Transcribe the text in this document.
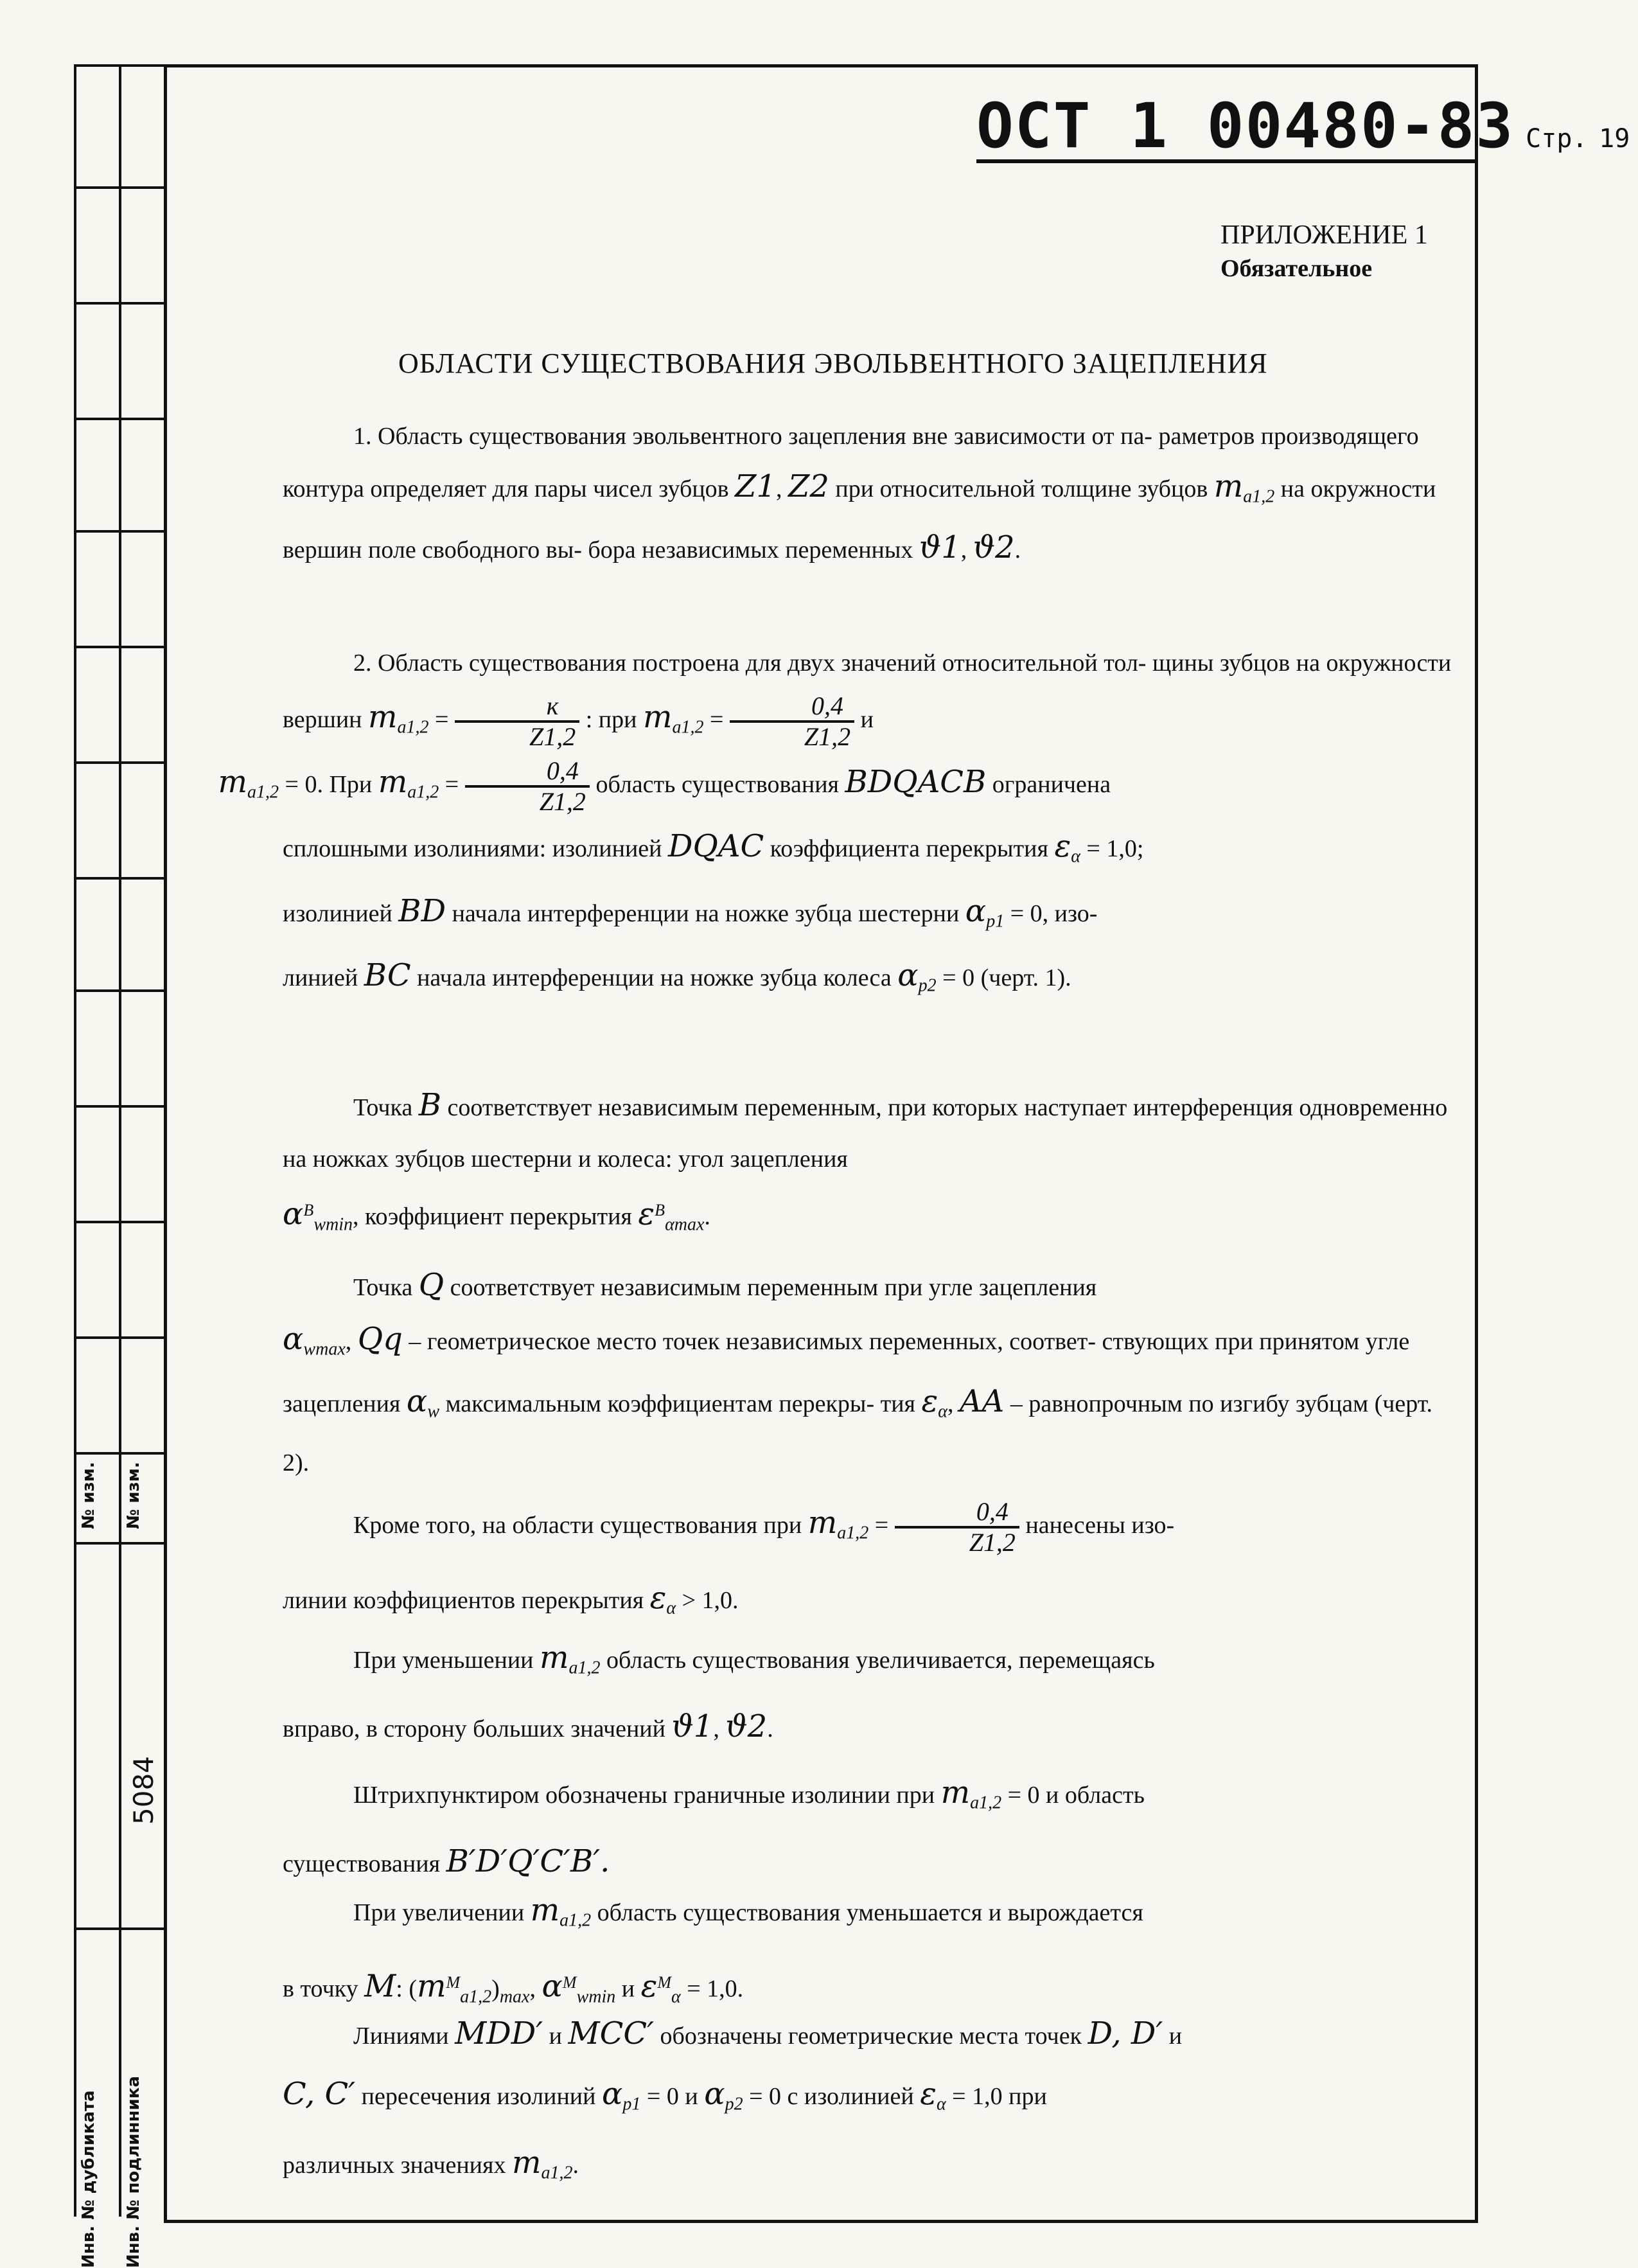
№ изм. № изм.
5084
Инв. № дубликата Инв. № подлинника
ОСТ 1 00480-83 Стр. 19
ПРИЛОЖЕНИЕ 1
Обязательное
ОБЛАСТИ СУЩЕСТВОВАНИЯ ЭВОЛЬВЕНТНОГО ЗАЦЕПЛЕНИЯ
1. Область существования эвольвентного зацепления вне зависимости от па- раметров производящего контура определяет для пары чисел зубцов Z1, Z2 при относительной толщине зубцов $m_{a1,2}$ на окружности вершин поле свободного вы- бора независимых переменных ϑ1, ϑ2.
2. Область существования построена для двух значений относительной тол- щины зубцов на окружности вершин $m_{a1,2} = \frac{к}{Z1,2}$ : при $m_{a1,2} = \frac{0,4}{Z1,2}$ и
$m_{a1,2} = 0$. При $m_{a1,2} = \frac{0,4}{Z1,2}$ область существования BDQACB ограничена
сплошными изолиниями: изолинией DQAC коэффициента перекрытия $\varepsilon_\alpha = 1,0$;
изолинией BD начала интерференции на ножке зубца шестерни $\alpha_{p1} = 0$, изо-
линией BC начала интерференции на ножке зубца колеса $\alpha_{p2} = 0$ (черт. 1).
Точка B соответствует независимым переменным, при которых наступает интерференция одновременно на ножках зубцов шестерни и колеса: угол зацепления
$\alpha^B_{wmin}$, коэффициент перекрытия $\varepsilon^B_{\alpha max}$.
Точка Q соответствует независимым переменным при угле зацепления
$\alpha_{wmax}$, Qq – геометрическое место точек независимых переменных, соответ- ствующих при принятом угле зацепления $\alpha_w$ максимальным коэффициентам перекры- тия $\varepsilon_\alpha$, AA – равнопрочным по изгибу зубцам (черт. 2).
Кроме того, на области существования при $m_{a1,2} = \frac{0,4}{Z1,2}$ нанесены изо-
линии коэффициентов перекрытия $\varepsilon_\alpha > 1,0$.
При уменьшении $m_{a1,2}$ область существования увеличивается, перемещаясь
вправо, в сторону больших значений ϑ1, ϑ2.
Штрихпунктиром обозначены граничные изолинии при $m_{a1,2} = 0$ и область
существования B′D′Q′C′B′.
При увеличении $m_{a1,2}$ область существования уменьшается и вырождается
в точку M: $(m^M_{a1,2})_{max}$, $\alpha^M_{wmin}$ и $\varepsilon^M_\alpha = 1,0$.
Линиями MDD′ и MCC′ обозначены геометрические места точек D, D′ и
C, C′ пересечения изолиний $\alpha_{p1} = 0$ и $\alpha_{p2} = 0$ с изолинией $\varepsilon_\alpha = 1,0$ при
различных значениях $m_{a1,2}$.
